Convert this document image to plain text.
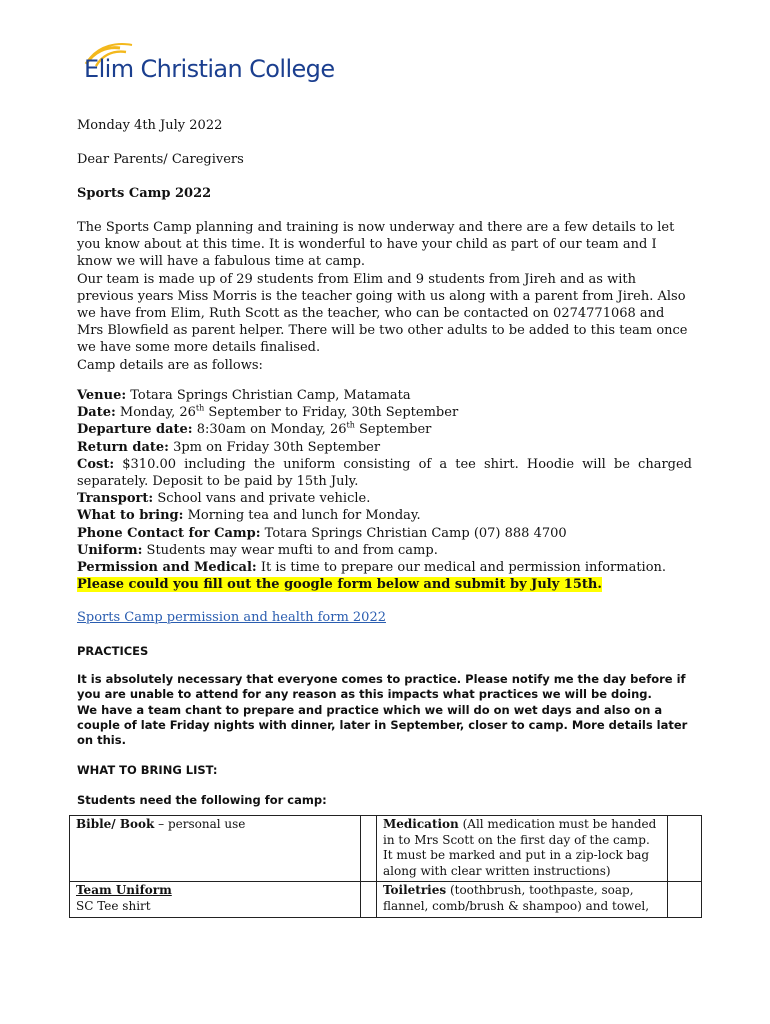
Elim Christian College

Monday 4th July 2022

Dear Parents/ Caregivers

Sports Camp 2022

The Sports Camp planning and training is now underway and there are a few details to let you know about at this time. It is wonderful to have your child as part of our team and I know we will have a fabulous time at camp.

Our team is made up of 29 students from Elim and 9 students from Jireh and as with previous years Miss Morris is the teacher going with us along with a parent from Jireh. Also we have from Elim, Ruth Scott as the teacher, who can be contacted on 0274771068 and Mrs Blowfield as parent helper. There will be two other adults to be added to this team once we have some more details finalised.

Camp details are as follows:

Venue: Totara Springs Christian Camp, Matamata

Date: Monday, 26th September to Friday, 30th September

Departure date: 8:30am on Monday, 26th September

Return date: 3pm on Friday 30th September

Cost: $310.00 including the uniform consisting of a tee shirt. Hoodie will be charged separately. Deposit to be paid by 15th July.

Transport: School vans and private vehicle.

What to bring: Morning tea and lunch for Monday.

Phone Contact for Camp: Totara Springs Christian Camp (07) 888 4700

Uniform: Students may wear mufti to and from camp.

Permission and Medical: It is time to prepare our medical and permission information.

Please could you fill out the google form below and submit by July 15th.

Sports Camp permission and health form 2022

PRACTICES

It is absolutely necessary that everyone comes to practice. Please notify me the day before if you are unable to attend for any reason as this impacts what practices we will be doing.

We have a team chant to prepare and practice which we will do on wet days and also on a couple of late Friday nights with dinner, later in September, closer to camp. More details later on this.

WHAT TO BRING LIST:

Students need the following for camp:

Bible/ Book – personal use		Medication (All medication must be handed in to Mrs Scott on the first day of the camp. It must be marked and put in a zip-lock bag along with clear written instructions)	

Team Uniform
SC Tee shirt		Toiletries (toothbrush, toothpaste, soap, flannel, comb/brush & shampoo) and towel,	
